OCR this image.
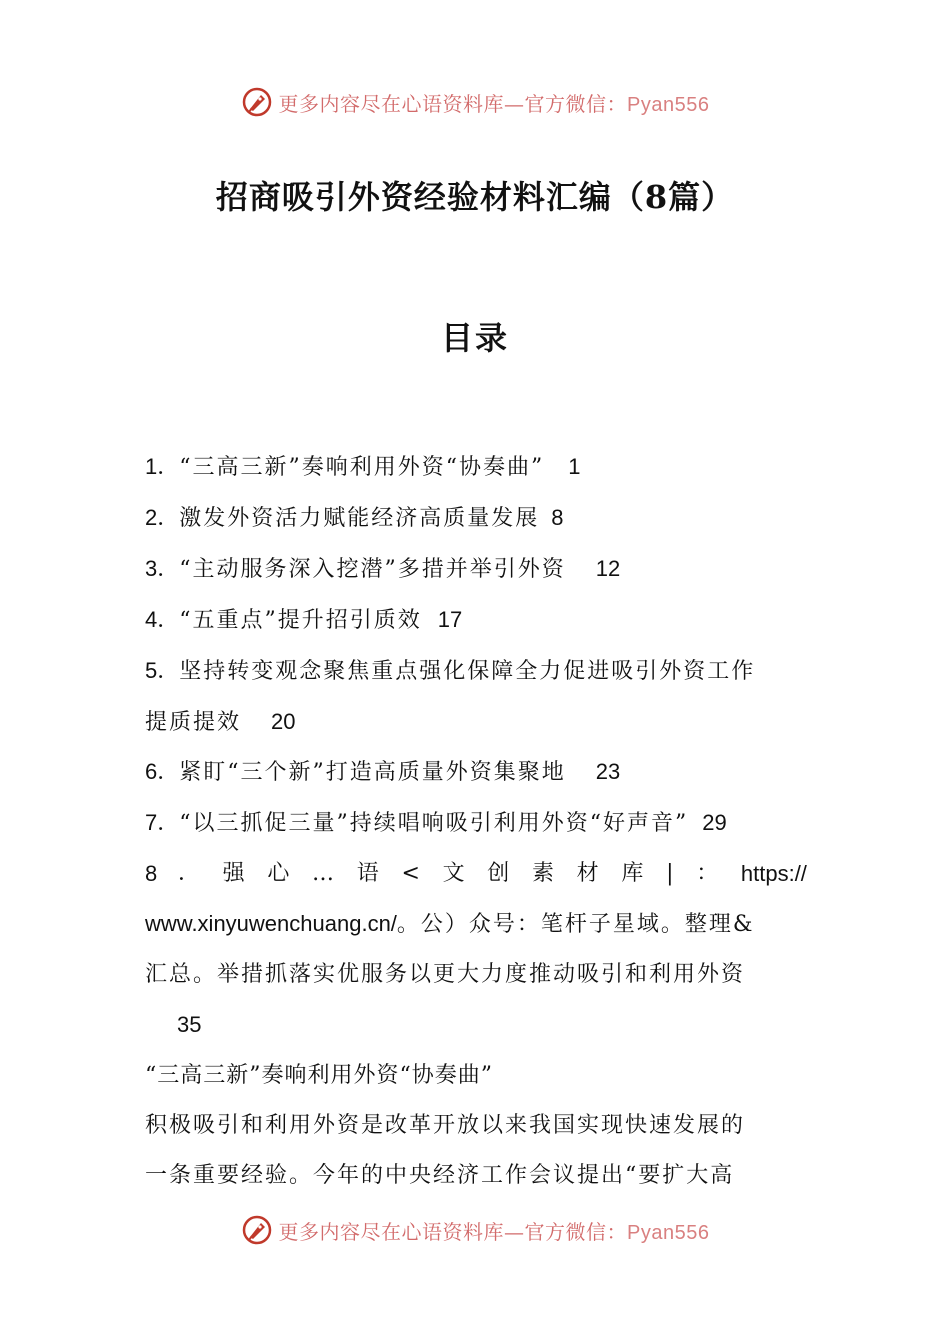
更多内容尽在心语资料库—官方微信：Pyan556
招商吸引外资经验材料汇编（8篇）
目录

1．“三高三新”奏响利用外资“协奏曲” 1

2．激发外资活力赋能经济高质量发展 8

3．“主动服务深入挖潜”多措并举引外资 12

4．“五重点”提升招引质效 17

5．坚持转变观念聚焦重点强化保障全力促进吸引外资工作

提质提效 20

6．紧盯“三个新”打造高质量外资集聚地 23

7．“以三抓促三量”持续唱响吸引利用外资“好声音” 29

8 ． 强 心 … 语 < 文 创 素 材 库 | ： https://

www.xinyuwenchuang.cn/。公）众号：笔杆子星域。整理&

汇总。举措抓落实优服务以更大力度推动吸引和利用外资

35

“三高三新”奏响利用外资“协奏曲”

积极吸引和利用外资是改革开放以来我国实现快速发展的

一条重要经验。今年的中央经济工作会议提出“要扩大高

更多内容尽在心语资料库—官方微信：Pyan556
